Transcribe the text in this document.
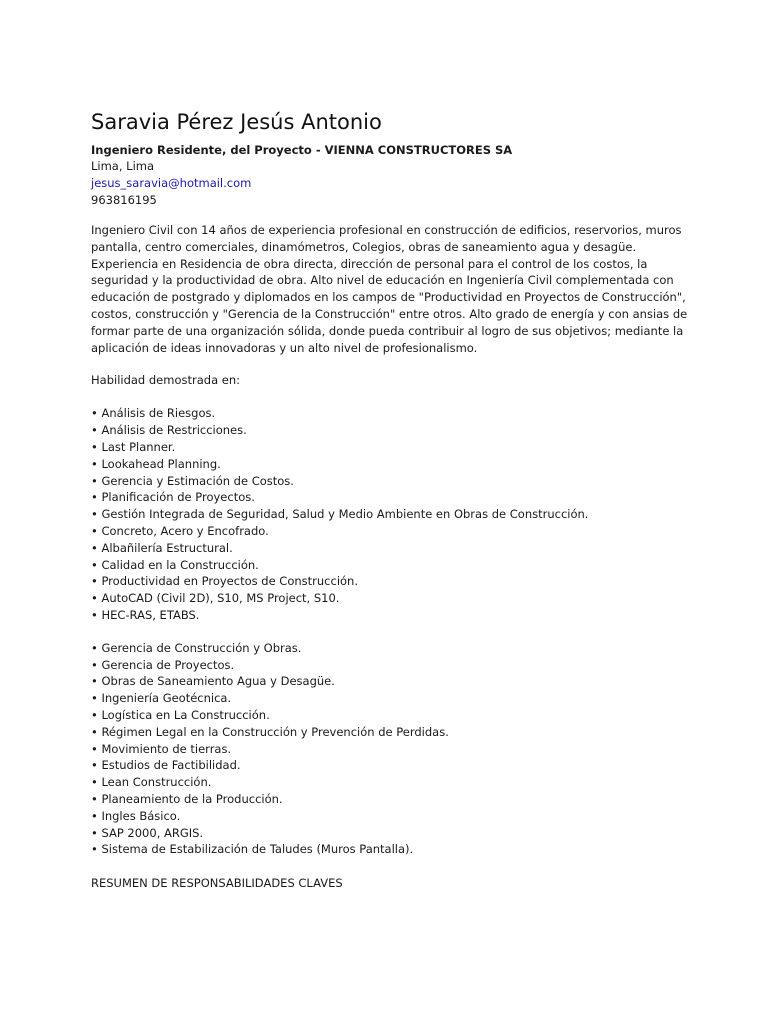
Saravia Pérez Jesús Antonio
Ingeniero Residente, del Proyecto - VIENNA CONSTRUCTORES SA
Lima, Lima
jesus_saravia@hotmail.com
963816195
Ingeniero Civil con 14 años de experiencia profesional en construcción de edificios, reservorios, muros pantalla, centro comerciales, dinamómetros, Colegios, obras de saneamiento agua y desagüe. Experiencia en Residencia de obra directa, dirección de personal para el control de los costos, la seguridad y la productividad de obra. Alto nivel de educación en Ingeniería Civil complementada con educación de postgrado y diplomados en los campos de "Productividad en Proyectos de Construcción", costos, construcción y "Gerencia de la Construcción" entre otros. Alto grado de energía y con ansias de formar parte de una organización sólida, donde pueda contribuir al logro de sus objetivos; mediante la aplicación de ideas innovadoras y un alto nivel de profesionalismo.
Habilidad demostrada en:
• Análisis de Riesgos.
• Análisis de Restricciones.
• Last Planner.
• Lookahead Planning.
• Gerencia y Estimación de Costos.
• Planificación de Proyectos.
• Gestión Integrada de Seguridad, Salud y Medio Ambiente en Obras de Construcción.
• Concreto, Acero y Encofrado.
• Albañilería Estructural.
• Calidad en la Construcción.
• Productividad en Proyectos de Construcción.
• AutoCAD (Civil 2D), S10, MS Project, S10.
• HEC-RAS, ETABS.
• Gerencia de Construcción y Obras.
• Gerencia de Proyectos.
• Obras de Saneamiento Agua y Desagüe.
• Ingeniería Geotécnica.
• Logística en La Construcción.
• Régimen Legal en la Construcción y Prevención de Perdidas.
• Movimiento de tierras.
• Estudios de Factibilidad.
• Lean Construcción.
• Planeamiento de la Producción.
• Ingles Básico.
• SAP 2000, ARGIS.
• Sistema de Estabilización de Taludes (Muros Pantalla).
RESUMEN DE RESPONSABILIDADES CLAVES
